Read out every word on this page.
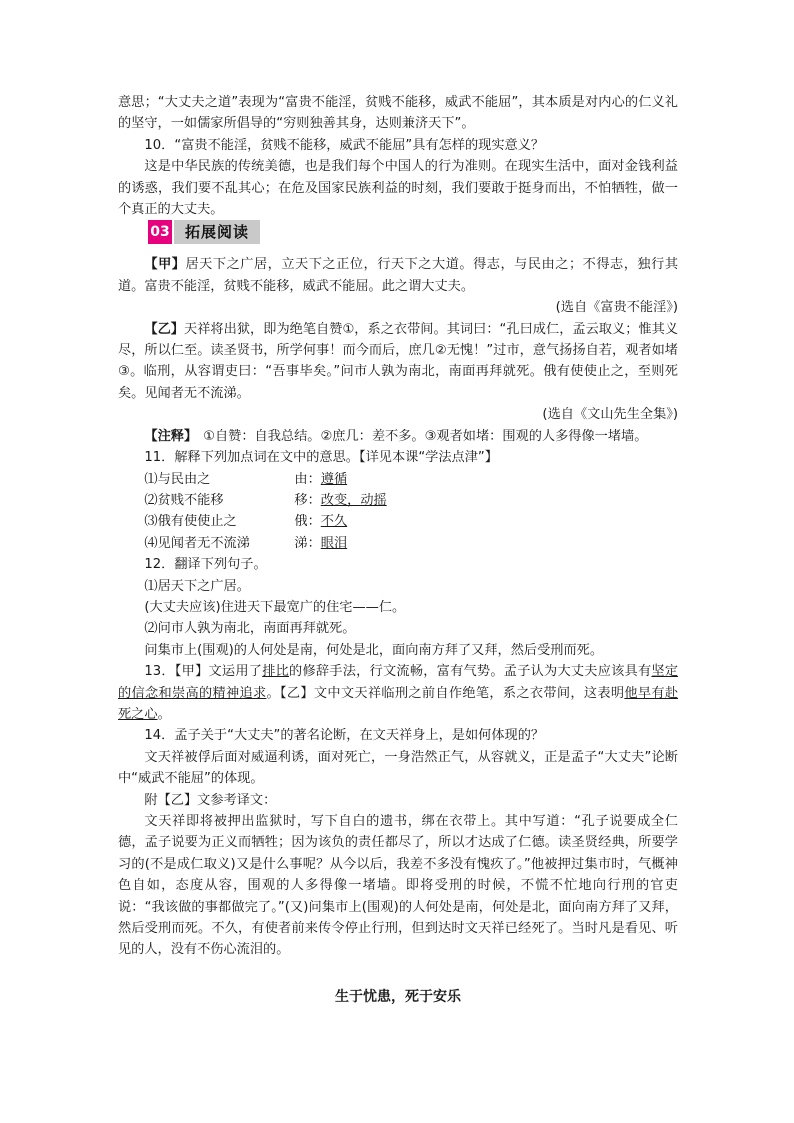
意思；“大丈夫之道”表现为“富贵不能淫，贫贱不能移，威武不能屈”，其本质是对内心的仁义礼的坚守，一如儒家所倡导的“穷则独善其身，达则兼济天下”。

10．“富贵不能淫，贫贱不能移，威武不能屈”具有怎样的现实意义？

这是中华民族的传统美德，也是我们每个中国人的行为准则。在现实生活中，面对金钱利益的诱惑，我们要不乱其心；在危及国家民族利益的时刻，我们要敢于挺身而出，不怕牺牲，做一个真正的大丈夫。

03	拓展阅读

【甲】居天下之广居，立天下之正位，行天下之大道。得志，与民由之；不得志，独行其道。富贵不能淫，贫贱不能移，威武不能屈。此之谓大丈夫。

(选自《富贵不能淫》)

【乙】天祥将出狱，即为绝笔自赞①，系之衣带间。其词曰：“孔曰成仁，孟云取义；惟其义尽，所以仁至。读圣贤书，所学何事！而今而后，庶几②无愧！”过市，意气扬扬自若，观者如堵③。临刑，从容谓吏曰：“吾事毕矣。”问市人孰为南北，南面再拜就死。俄有使使止之，至则死矣。见闻者无不流涕。

(选自《文山先生全集》)

【注释】 ①自赞：自我总结。②庶几：差不多。③观者如堵：围观的人多得像一堵墙。

11．解释下列加点词在文中的意思。【详见本课“学法点津”】

⑴与民由之	由：遵循
⑵贫贱不能移	移：改变，动摇
⑶俄有使使止之	俄：不久
⑷见闻者无不流涕	涕：眼泪

12．翻译下列句子。

⑴居天下之广居。

(大丈夫应该)住进天下最宽广的住宅——仁。

⑵问市人孰为南北，南面再拜就死。

问集市上(围观)的人何处是南，何处是北，面向南方拜了又拜，然后受刑而死。

13．【甲】文运用了排比的修辞手法，行文流畅，富有气势。孟子认为大丈夫应该具有坚定的信念和崇高的精神追求。【乙】文中文天祥临刑之前自作绝笔，系之衣带间，这表明他早有赴死之心。

14．孟子关于“大丈夫”的著名论断，在文天祥身上，是如何体现的？

文天祥被俘后面对威逼利诱，面对死亡，一身浩然正气，从容就义，正是孟子“大丈夫”论断中“威武不能屈”的体现。

附【乙】文参考译文：

文天祥即将被押出监狱时，写下自白的遗书，绑在衣带上。其中写道：“孔子说要成全仁德，孟子说要为正义而牺牲；因为该负的责任都尽了，所以才达成了仁德。读圣贤经典，所要学习的(不是成仁取义)又是什么事呢？从今以后，我差不多没有愧疚了。”他被押过集市时，气概神色自如，态度从容，围观的人多得像一堵墙。即将受刑的时候，不慌不忙地向行刑的官吏说：“我该做的事都做完了。”(又)问集市上(围观)的人何处是南，何处是北，面向南方拜了又拜，然后受刑而死。不久，有使者前来传令停止行刑，但到达时文天祥已经死了。当时凡是看见、听见的人，没有不伤心流泪的。

生于忧患，死于安乐
